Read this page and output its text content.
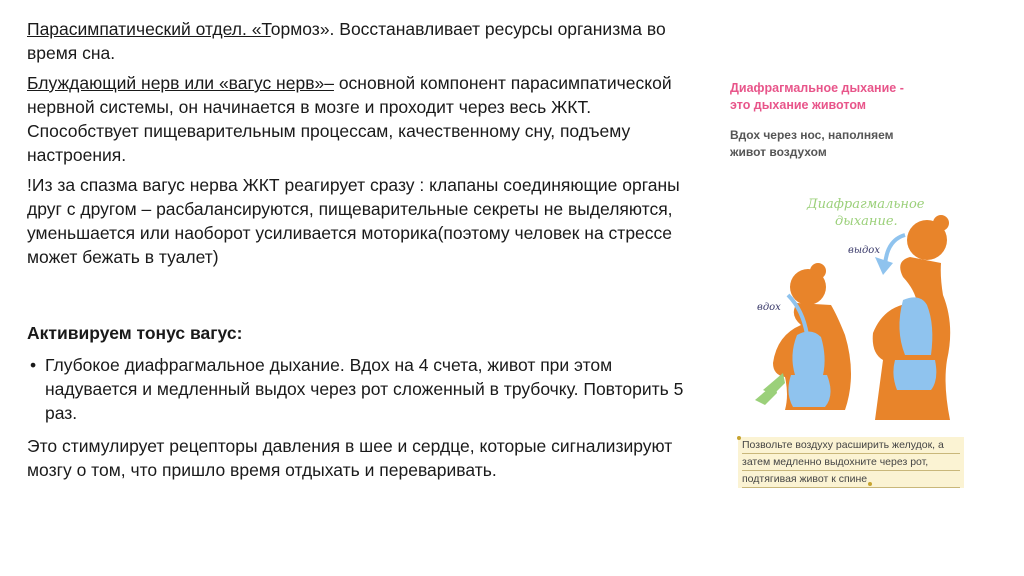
Парасимпатический отдел. «Тормоз». Восстанавливает ресурсы организма во время сна.

Блуждающий нерв или «вагус нерв»– основной компонент парасимпатической нервной системы, он начинается в мозге и проходит через весь ЖКТ. Способствует пищеварительным процессам, качественному сну, подъему настроения.

!Из за спазма вагус нерва ЖКТ реагирует сразу : клапаны соединяющие органы друг с другом – расбалансируются, пищеварительные секреты не выделяются, уменьшается или наоборот усиливается моторика(поэтому человек на стрессе может бежать в туалет)

Активируем тонус вагус:

• Глубокое диафрагмальное дыхание. Вдох на 4 счета, живот при этом надувается и медленный выдох через рот сложенный в трубочку. Повторить 5 раз.

Это стимулирует рецепторы давления в шее и сердце, которые сигнализируют мозгу о том, что пришло время отдыхать и переваривать.

Диафрагмальное дыхание -
это дыхание животом
Вдох через нос, наполняем
живот воздухом
Диафрагмальное
дыхание.
выдох
вдох
Позвольте воздуху расширить желудок, а
затем медленно выдохните через рот,
подтягивая живот к спине
